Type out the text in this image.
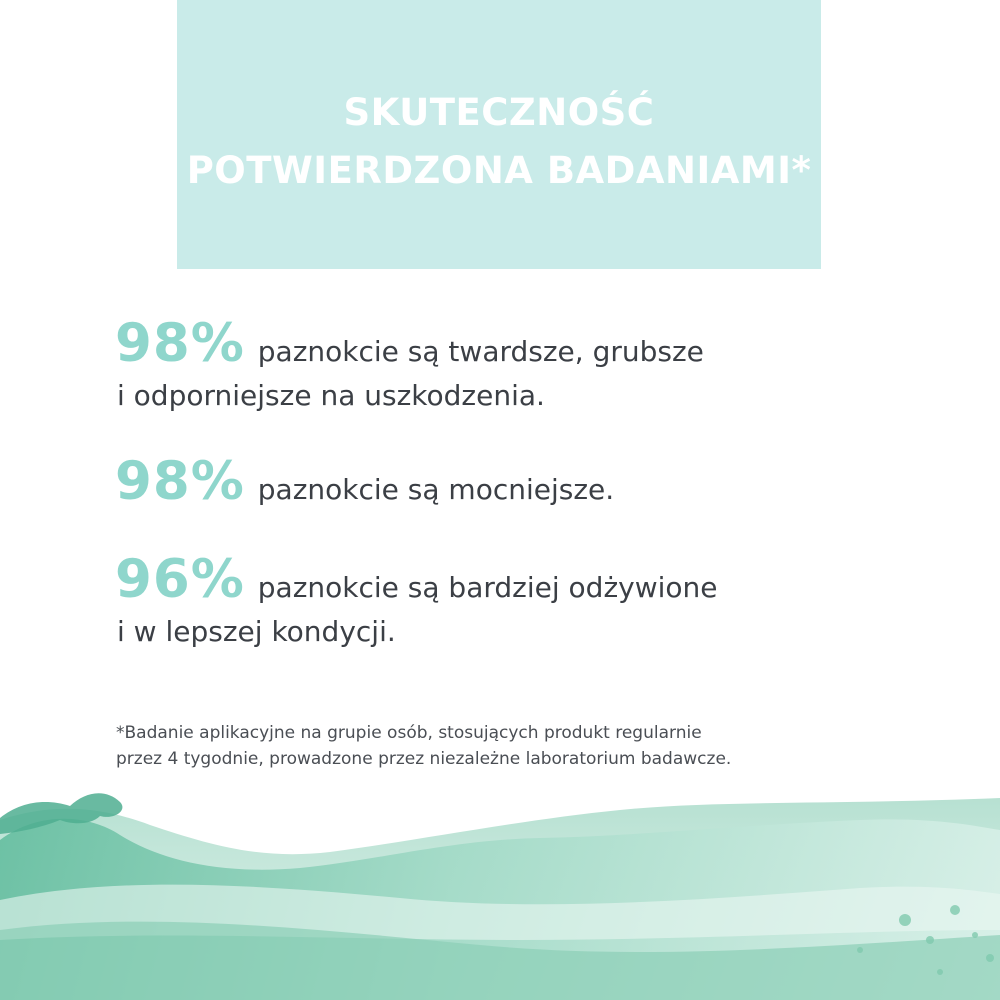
SKUTECZNOŚĆ
POTWIERDZONA BADANIAMI*

98% paznokcie są twardsze, grubsze
i odporniejsze na uszkodzenia.

98% paznokcie są mocniejsze.

96% paznokcie są bardziej odżywione
i w lepszej kondycji.

*Badanie aplikacyjne na grupie osób, stosujących produkt regularnie
przez 4 tygodnie, prowadzone przez niezależne laboratorium badawcze.
